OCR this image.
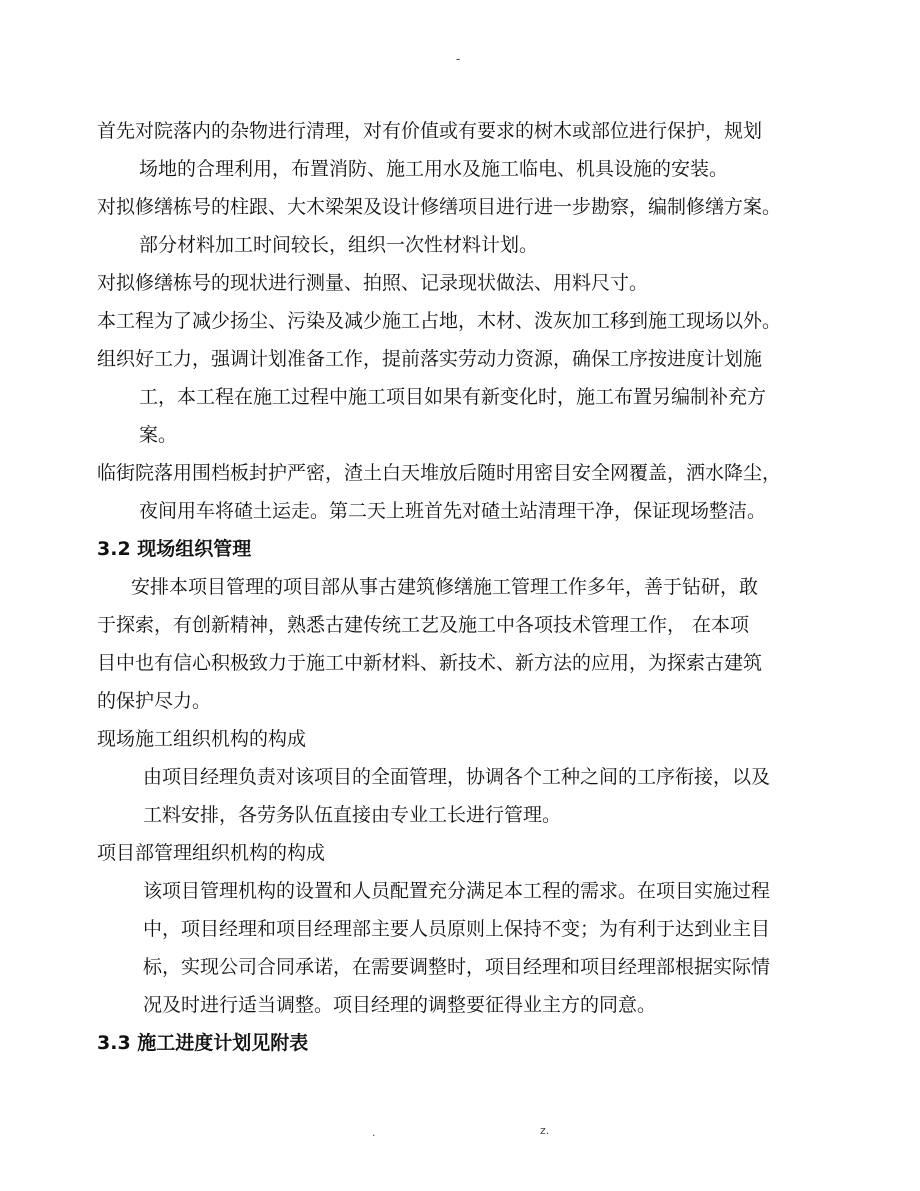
-

首先对院落内的杂物进行清理，对有价值或有要求的树木或部位进行保护，规划

场地的合理利用，布置消防、施工用水及施工临电、机具设施的安装。

对拟修缮栋号的柱跟、大木梁架及设计修缮项目进行进一步勘察，编制修缮方案。

部分材料加工时间较长，组织一次性材料计划。

对拟修缮栋号的现状进行测量、拍照、记录现状做法、用料尺寸。

本工程为了减少扬尘、污染及减少施工占地，木材、泼灰加工移到施工现场以外。

组织好工力，强调计划准备工作，提前落实劳动力资源，确保工序按进度计划施

工，本工程在施工过程中施工项目如果有新变化时，施工布置另编制补充方

案。

临街院落用围档板封护严密，渣土白天堆放后随时用密目安全网覆盖，洒水降尘，

夜间用车将碴土运走。第二天上班首先对碴土站清理干净，保证现场整洁。

3.2 现场组织管理

安排本项目管理的项目部从事古建筑修缮施工管理工作多年，善于钻研，敢

于探索，有创新精神，熟悉古建传统工艺及施工中各项技术管理工作， 在本项

目中也有信心积极致力于施工中新材料、新技术、新方法的应用，为探索古建筑

的保护尽力。

现场施工组织机构的构成

由项目经理负责对该项目的全面管理，协调各个工种之间的工序衔接，以及

工料安排，各劳务队伍直接由专业工长进行管理。

项目部管理组织机构的构成

该项目管理机构的设置和人员配置充分满足本工程的需求。在项目实施过程

中，项目经理和项目经理部主要人员原则上保持不变；为有利于达到业主目

标，实现公司合同承诺，在需要调整时，项目经理和项目经理部根据实际情

况及时进行适当调整。项目经理的调整要征得业主方的同意。

3.3 施工进度计划见附表

.	z.
